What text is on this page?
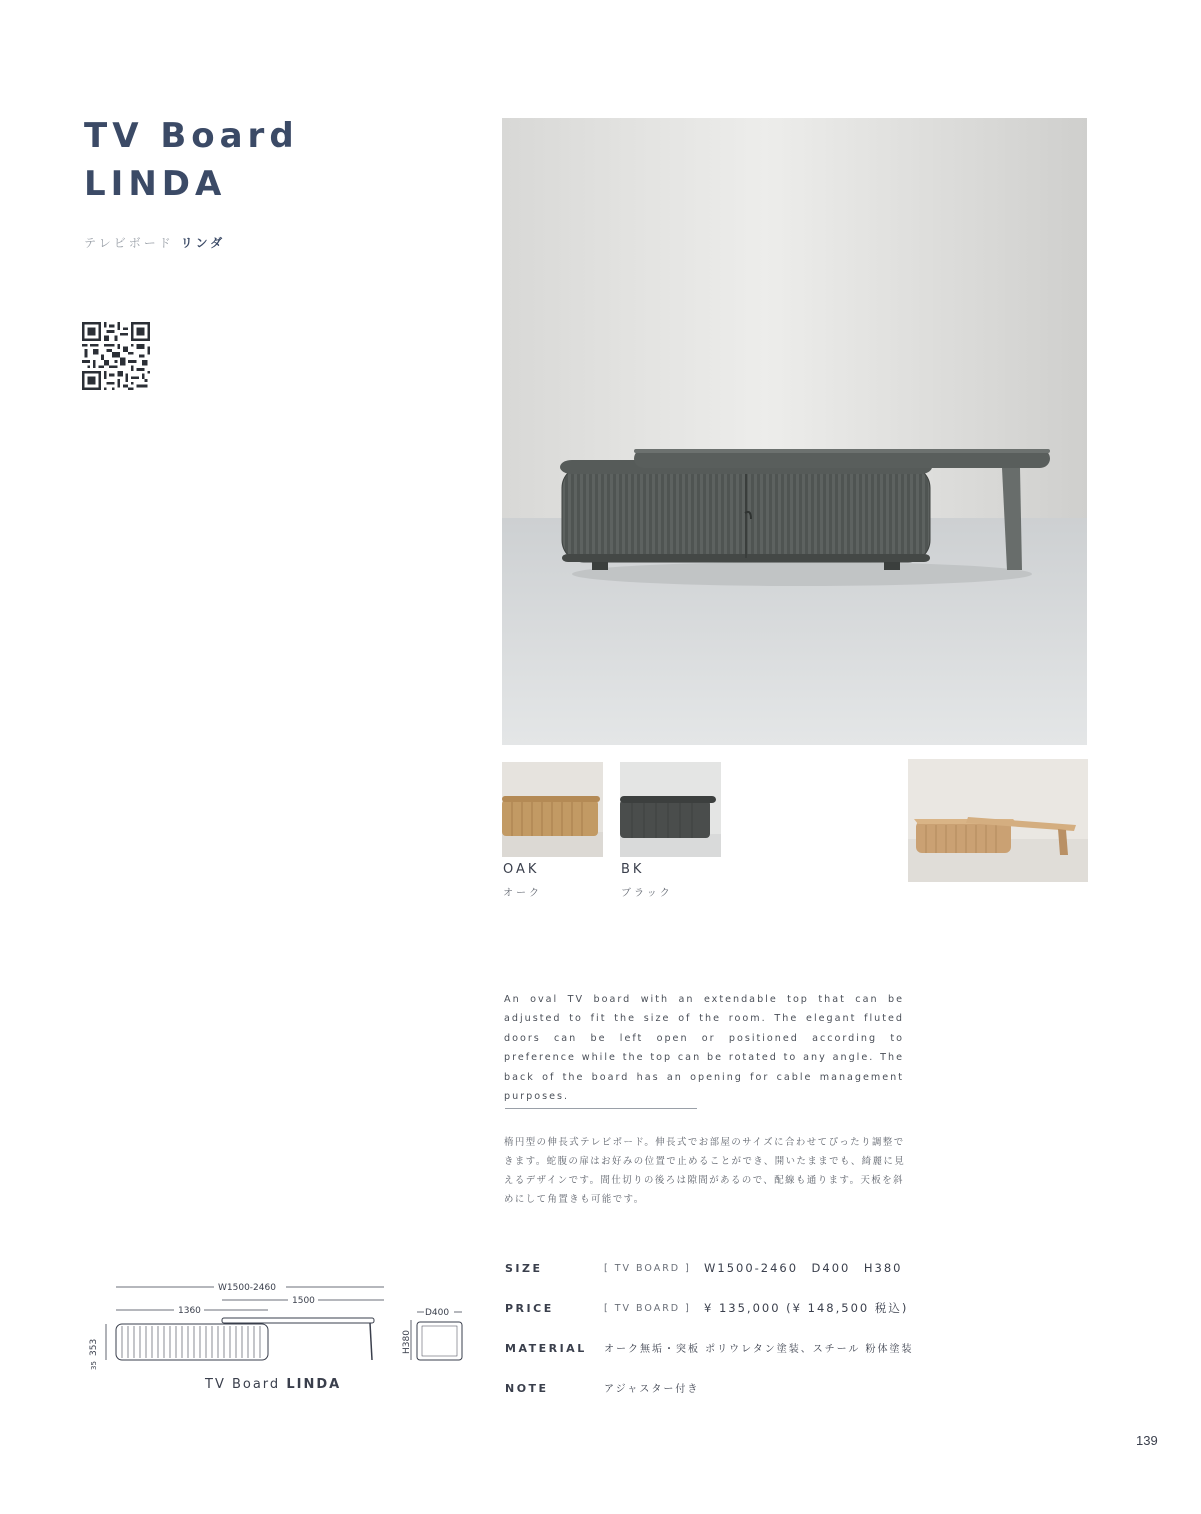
TV Board
LINDA
テレビボード リンダ
OAK
オーク
BK
ブラック

An oval TV board with an extendable top that can be adjusted to fit the size of the room. The elegant fluted doors can be left open or positioned according to preference while the top can be rotated to any angle. The back of the board has an opening for cable management purposes.

楕円型の伸長式テレビボード。伸長式でお部屋のサイズに合わせてぴったり調整できます。蛇腹の扉はお好みの位置で止めることができ、開いたままでも、綺麗に見えるデザインです。間仕切りの後ろは隙間があるので、配線も通ります。天板を斜めにして角置きも可能です。

SIZE	[ TV BOARD ] W1500-2460　D400　H380
PRICE	[ TV BOARD ] ¥ 135,000 (¥ 148,500 税込)
MATERIAL オーク無垢・突板 ポリウレタン塗装、スチール 粉体塗装
NOTE	アジャスター付き
W1500-2460
1500
1360
353
35
D400
H380
TV Board LINDA
139
